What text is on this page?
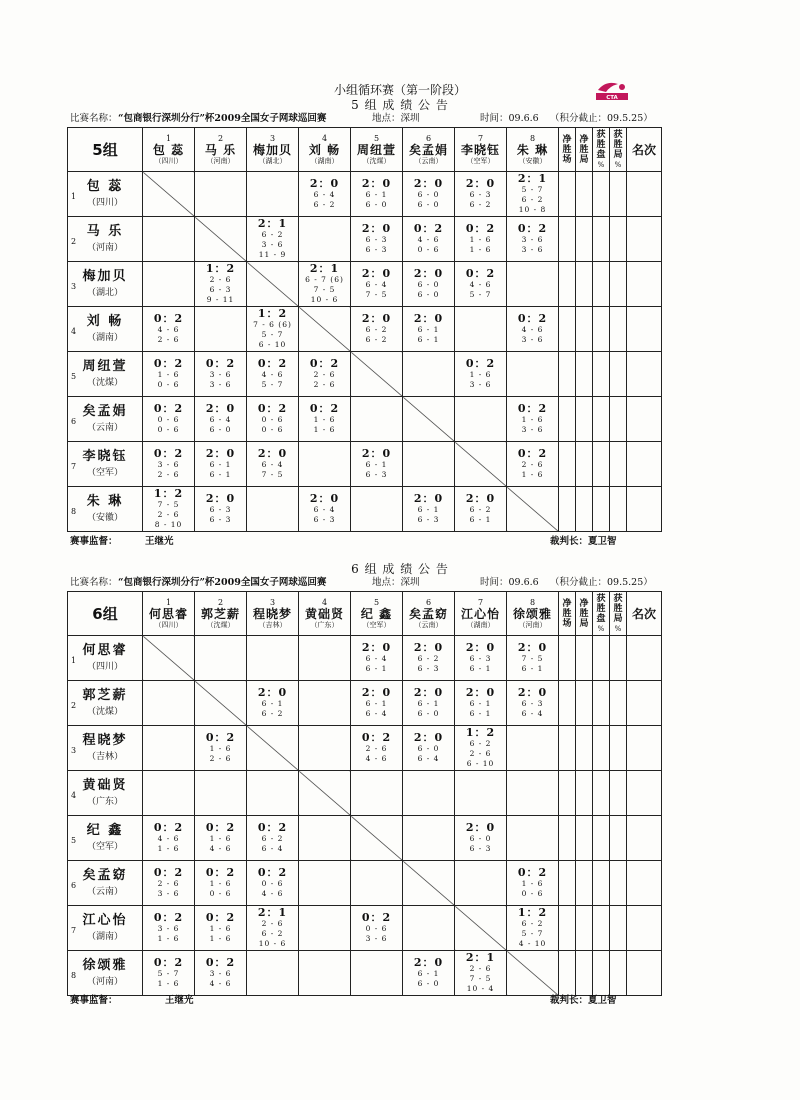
小组循环赛（第一阶段）
CTA
5 组 成 绩 公 告
比赛名称： “包商银行深圳分行”杯2009全国女子网球巡回赛	地点：深圳	时间：09.6.6 （积分截止：09.5.25）
5组	1
包 蕊
（四川）	2
马 乐
（河南）	3
梅加贝
（湖北）	4
刘 畅
（湖南）	5
周纽萱
（沈煤）	6
矣孟娟
（云南）	7
李晓钰
（空军）	8
朱 琳
（安徽）	净胜场	净胜局	获胜盘
%	获胜局
%	名次

1
包 蕊
（四川）				2：0
6 - 4
6 - 2	2：0
6 - 1
6 - 0	2：0
6 - 0
6 - 0	2：0
6 - 3
6 - 2	2：1
5 - 7
6 - 2
10 - 8					

2
马 乐
（河南）			2：1
6 - 2
3 - 6
11 - 9		2：0
6 - 3
6 - 3	0：2
4 - 6
0 - 6	0：2
1 - 6
1 - 6	0：2
3 - 6
3 - 6					

3
梅加贝
（湖北）		1：2
2 - 6
6 - 3
9 - 11		2：1
6 - 7 (6)
7 - 5
10 - 6	2：0
6 - 4
7 - 5	2：0
6 - 0
6 - 0	0：2
4 - 6
5 - 7						

4
刘 畅
（湖南）	0：2
4 - 6
2 - 6		1：2
7 - 6 (6)
5 - 7
6 - 10		2：0
6 - 2
6 - 2	2：0
6 - 1
6 - 1		0：2
4 - 6
3 - 6					

5
周纽萱
（沈煤）	0：2
1 - 6
0 - 6	0：2
3 - 6
3 - 6	0：2
4 - 6
5 - 7	0：2
2 - 6
2 - 6			0：2
1 - 6
3 - 6						

6
矣孟娟
（云南）	0：2
0 - 6
0 - 6	2：0
6 - 4
6 - 0	0：2
0 - 6
0 - 6	0：2
1 - 6
1 - 6				0：2
1 - 6
3 - 6					

7
李晓钰
（空军）	0：2
3 - 6
2 - 6	2：0
6 - 1
6 - 1	2：0
6 - 4
7 - 5		2：0
6 - 1
6 - 3			0：2
2 - 6
1 - 6					

8
朱 琳
（安徽）	1：2
7 - 5
2 - 6
8 - 10	2：0
6 - 3
6 - 3		2：0
6 - 4
6 - 3		2：0
6 - 1
6 - 3	2：0
6 - 2
6 - 1						

赛事监督：	王继光	裁判长：夏卫智
6 组 成 绩 公 告
比赛名称： “包商银行深圳分行”杯2009全国女子网球巡回赛	地点：深圳	时间：09.6.6 （积分截止：09.5.25）
6组	1
何思睿
（四川）	2
郭芝薪
（沈煤）	3
程晓梦
（吉林）	4
黄础贤
（广东）	5
纪 鑫
（空军）	6
矣孟窈
（云南）	7
江心怡
（湖南）	8
徐颂雅
（河南）	净胜场	净胜局	获胜盘
%	获胜局
%	名次

1
何思睿
（四川）					2：0
6 - 4
6 - 1	2：0
6 - 2
6 - 3	2：0
6 - 3
6 - 1	2：0
7 - 5
6 - 1					

2
郭芝薪
（沈煤）			2：0
6 - 1
6 - 2		2：0
6 - 1
6 - 4	2：0
6 - 1
6 - 0	2：0
6 - 1
6 - 1	2：0
6 - 3
6 - 4					

3
程晓梦
（吉林）		0：2
1 - 6
2 - 6			0：2
2 - 6
4 - 6	2：0
6 - 0
6 - 4	1：2
6 - 2
2 - 6
6 - 10						

4
黄础贤
（广东）													

5
纪 鑫
（空军）	0：2
4 - 6
1 - 6	0：2
1 - 6
4 - 6	0：2
6 - 2
6 - 4				2：0
6 - 0
6 - 3						

6
矣孟窈
（云南）	0：2
2 - 6
3 - 6	0：2
1 - 6
0 - 6	0：2
0 - 6
4 - 6					0：2
1 - 6
0 - 6					

7
江心怡
（湖南）	0：2
3 - 6
1 - 6	0：2
1 - 6
1 - 6	2：1
2 - 6
6 - 2
10 - 6		0：2
0 - 6
3 - 6			1：2
6 - 2
5 - 7
4 - 10					

8
徐颂雅
（河南）	0：2
5 - 7
1 - 6	0：2
3 - 6
4 - 6				2：0
6 - 1
6 - 0	2：1
2 - 6
7 - 5
10 - 4						

赛事监督：	王继光	裁判长：夏卫智
